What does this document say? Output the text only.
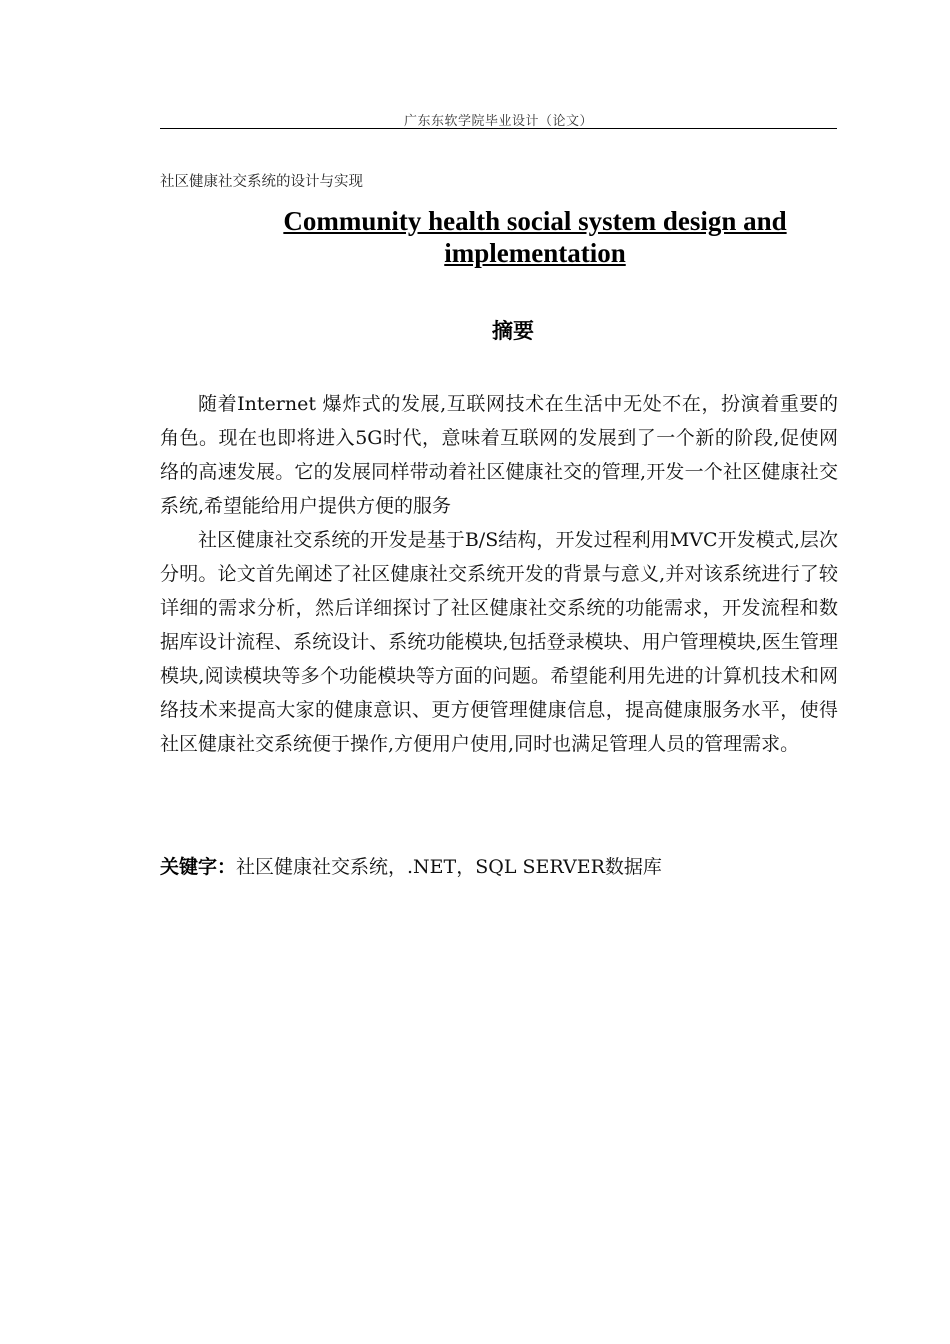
广东东软学院毕业设计（论文）
社区健康社交系统的设计与实现
Community health social system design and implementation
摘要

随着Internet 爆炸式的发展,互联网技术在生活中无处不在，扮演着重要的角色。现在也即将进入5G时代，意味着互联网的发展到了一个新的阶段,促使网络的高速发展。它的发展同样带动着社区健康社交的管理,开发一个社区健康社交系统,希望能给用户提供方便的服务

社区健康社交系统的开发是基于B/S结构，开发过程利用MVC开发模式,层次分明。论文首先阐述了社区健康社交系统开发的背景与意义,并对该系统进行了较详细的需求分析，然后详细探讨了社区健康社交系统的功能需求，开发流程和数据库设计流程、系统设计、系统功能模块,包括登录模块、用户管理模块,医生管理模块,阅读模块等多个功能模块等方面的问题。希望能利用先进的计算机技术和网络技术来提高大家的健康意识、更方便管理健康信息，提高健康服务水平，使得社区健康社交系统便于操作,方便用户使用,同时也满足管理人员的管理需求。

关键字：社区健康社交系统，.NET，SQL SERVER数据库
